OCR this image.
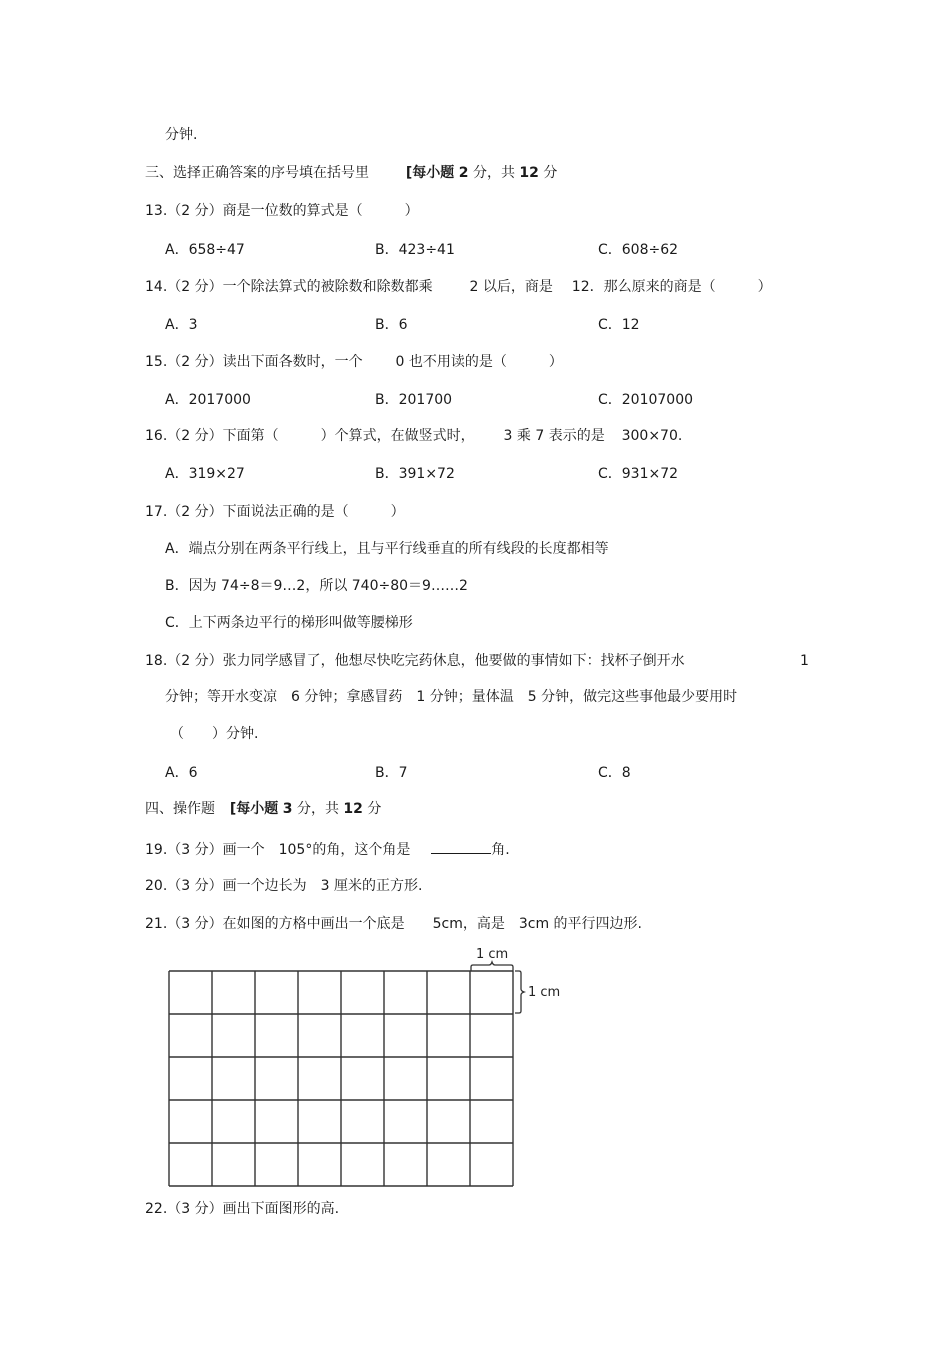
分钟.
三、选择正确答案的序号填在括号里	[每小题 2 分，共 12 分
13.（2 分）商是一位数的算式是（　　　）
A．658÷47	B．423÷41	C．608÷62
14.（2 分）一个除法算式的被除数和除数都乘	2 以后，商是 12．那么原来的商是（　　　）
A．3	B．6	C．12
15.（2 分）读出下面各数时，一个 0 也不用读的是（　　　）
A．2017000	B．201700	C．20107000
16.（2 分）下面第（　　　）个算式，在做竖式时， 3 乘 7 表示的是 300×70.
A．319×27	B．391×72	C．931×72
17.（2 分）下面说法正确的是（　　　）
A．端点分别在两条平行线上，且与平行线垂直的所有线段的长度都相等
B．因为 74÷8＝9…2，所以 740÷80＝9……2
C．上下两条边平行的梯形叫做等腰梯形
18.（2 分）张力同学感冒了，他想尽快吃完药休息，他要做的事情如下：找杯子倒开水	1
分钟；等开水变凉　6 分钟；拿感冒药　1 分钟；量体温　5 分钟，做完这些事他最少要用时
（　　）分钟.
A．6	B．7	C．8
四、操作题 [每小题 3 分，共 12 分
19.（3 分）画一个　105°的角，这个角是	角.
20.（3 分）画一个边长为　3 厘米的正方形.
21.（3 分）在如图的方格中画出一个底是　　5cm，高是　3cm 的平行四边形.
1 cm
1 cm
22.（3 分）画出下面图形的高.
